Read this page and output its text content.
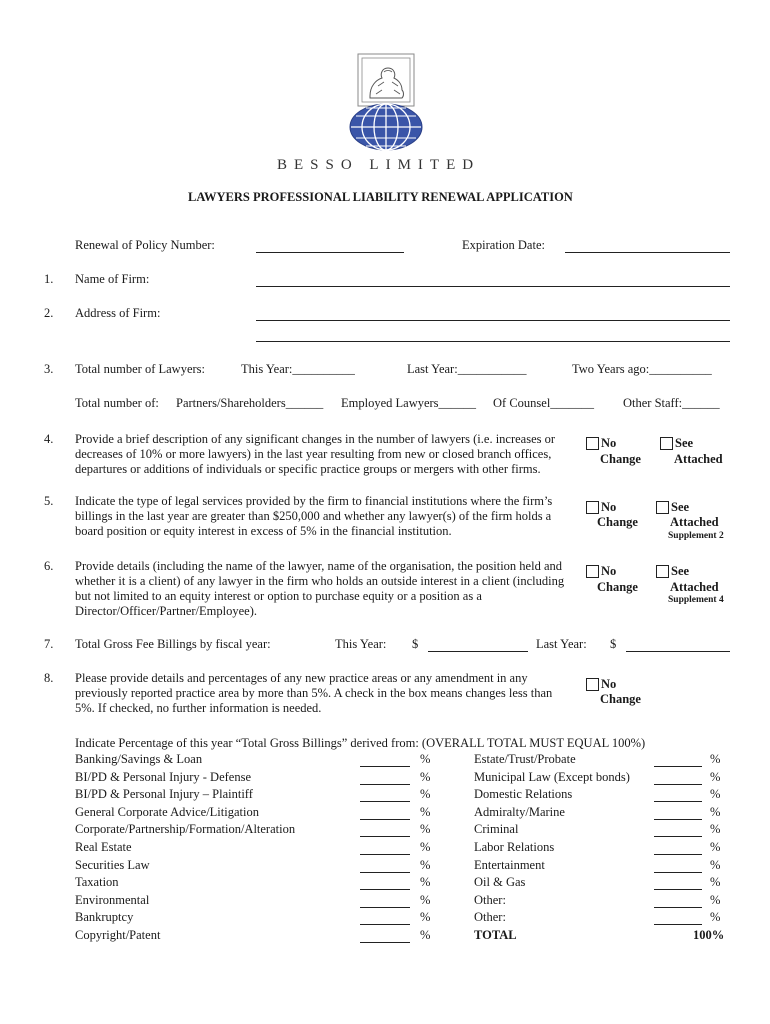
BESSO LIMITED
LAWYERS PROFESSIONAL LIABILITY RENEWAL APPLICATION
Renewal of Policy Number:	Expiration Date:
1. Name of Firm:
2. Address of Firm:
3. Total number of Lawyers:	This Year:__________	Last Year:___________	Two Years ago:__________
Total number of: Partners/Shareholders______ Employed Lawyers______ Of Counsel_______ Other Staff:______
4. Provide a brief description of any significant changes in the number of lawyers (i.e. increases or decreases of 10% or more lawyers) in the last year resulting from new or closed branch offices, departures or additions of individuals or specific practice groups or mergers with other firms.
No
Change
See
Attached
5. Indicate the type of legal services provided by the firm to financial institutions where the firm’s billings in the last year are greater than $250,000 and whether any lawyer(s) of the firm holds a board position or equity interest in excess of 5% in the financial institution.
No
Change
See
Attached
Supplement 2
6. Provide details (including the name of the lawyer, name of the organisation, the position held and whether it is a client) of any lawyer in the firm who holds an outside interest in a client (including but not limited to an equity interest or option to purchase equity or a position as a Director/Officer/Partner/Employee).
No
Change
See
Attached
Supplement 4
7. Total Gross Fee Billings by fiscal year:	This Year: $	Last Year: $
8. Please provide details and percentages of any new practice areas or any amendment in any previously reported practice area by more than 5%. A check in the box means changes less than 5%. If checked, no further information is needed.
No
Change
Indicate Percentage of this year “Total Gross Billings” derived from: (OVERALL TOTAL MUST EQUAL 100%)
Banking/Savings & Loan	%
BI/PD & Personal Injury - Defense	%
BI/PD & Personal Injury – Plaintiff	%
General Corporate Advice/Litigation	%
Corporate/Partnership/Formation/Alteration	%
Real Estate	%
Securities Law	%
Taxation	%
Environmental	%
Bankruptcy	%
Copyright/Patent	%
Estate/Trust/Probate	%
Municipal Law (Except bonds)	%
Domestic Relations	%
Admiralty/Marine	%
Criminal	%
Labor Relations	%
Entertainment	%
Oil & Gas	%
Other:	%
Other:	%
TOTAL	100%
